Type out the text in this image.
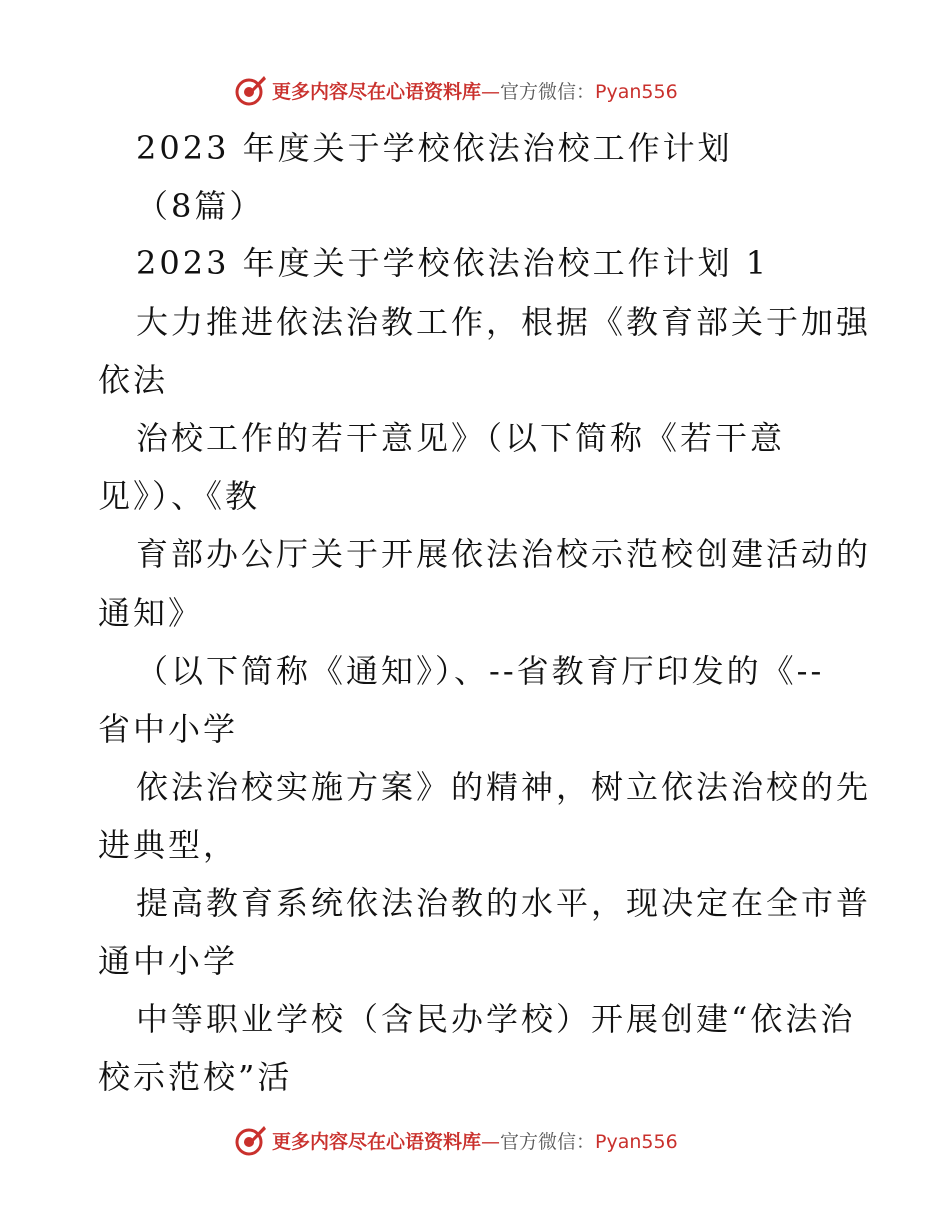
更多内容尽在心语资料库—官方微信：Pyan556
2023 年度关于学校依法治校工作计划
（8篇）
2023 年度关于学校依法治校工作计划 1
大力推进依法治教工作，根据《教育部关于加强
依法
治校工作的若干意见》（以下简称《若干意
见》）、《教
育部办公厅关于开展依法治校示范校创建活动的
通知》
（以下简称《通知》）、--省教育厅印发的《--
省中小学
依法治校实施方案》的精神，树立依法治校的先
进典型，
提高教育系统依法治教的水平，现决定在全市普
通中小学
中等职业学校（含民办学校）开展创建“依法治
校示范校”活
更多内容尽在心语资料库—官方微信：Pyan556
